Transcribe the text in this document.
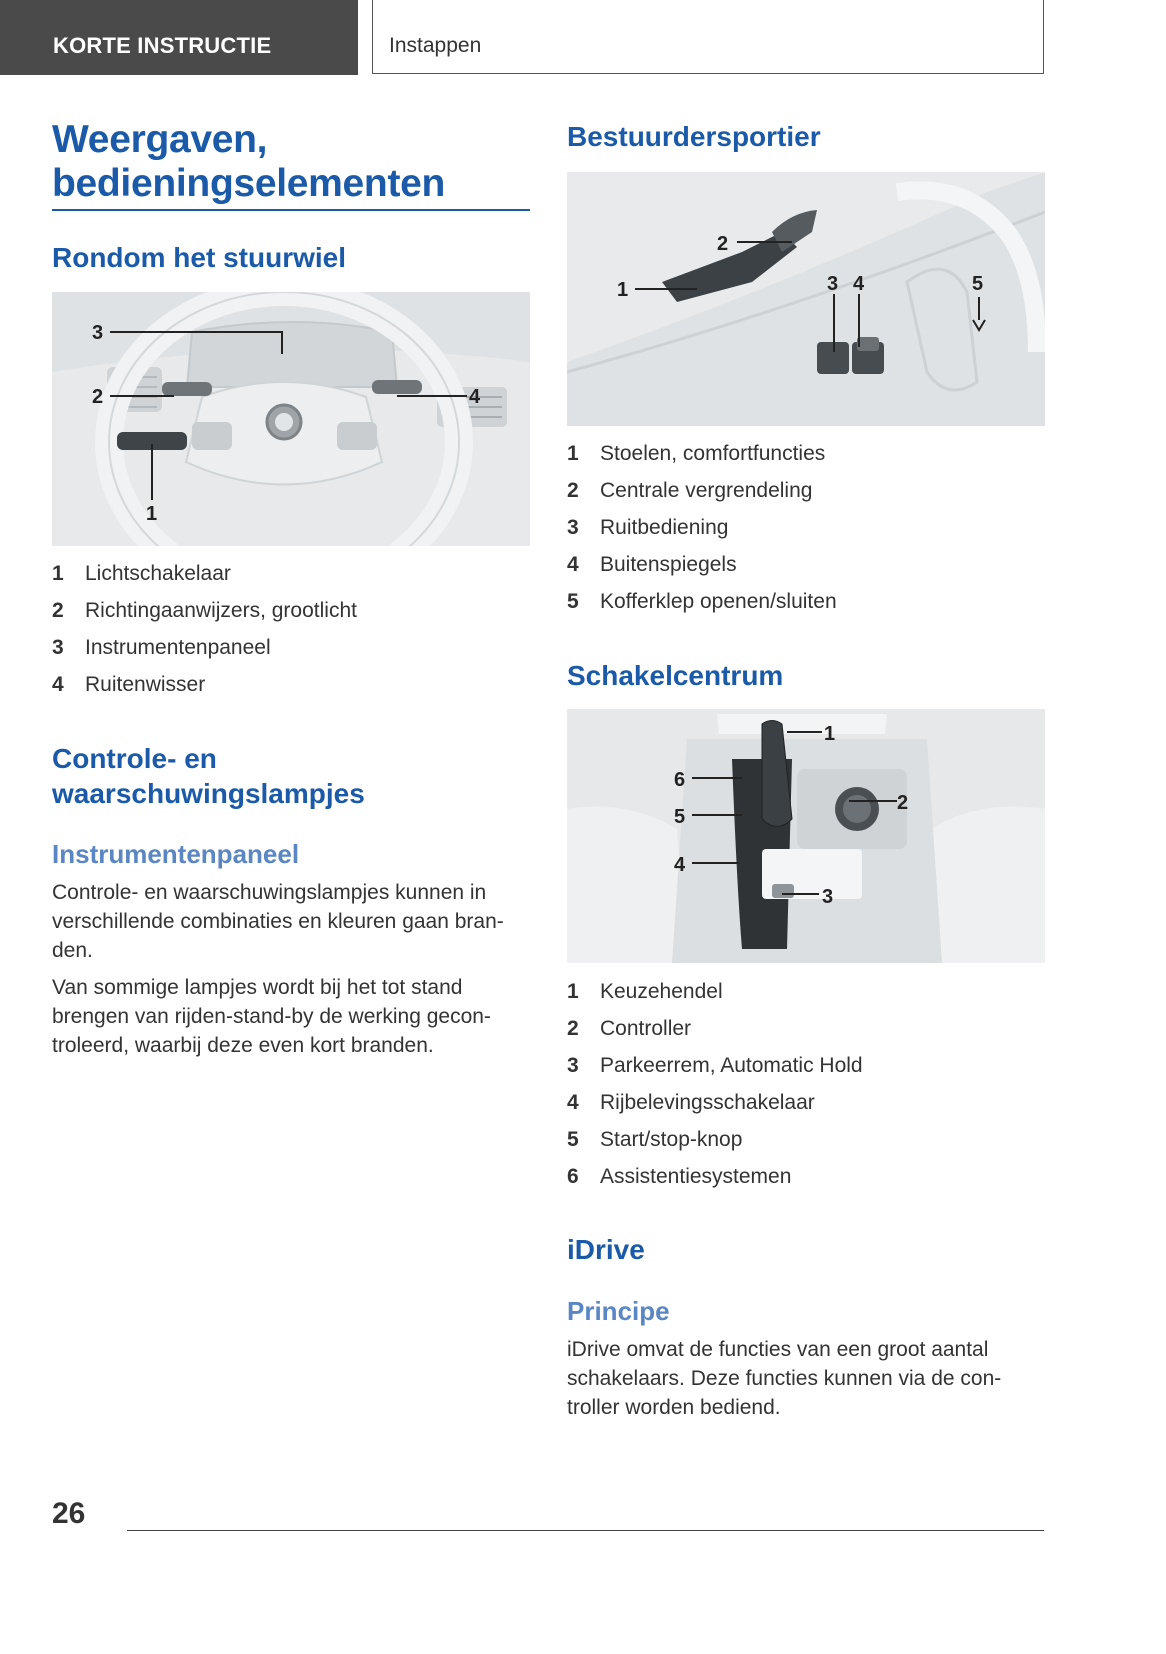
KORTE INSTRUCTIE	Instappen
Weergaven, bedieningselementen
Rondom het stuurwiel
3
2	4
1
1 Lichtschakelaar
2 Richtingaanwijzers, grootlicht
3 Instrumentenpaneel
4 Ruitenwisser
Controle- en
waarschuwingslampjes
Instrumentenpaneel

Controle- en waarschuwingslampjes kunnen in
verschillende combinaties en kleuren gaan bran-
den.

Van sommige lampjes wordt bij het tot stand
brengen van rijden-stand-by de werking gecon-
troleerd, waarbij deze even kort branden.

Bestuurdersportier
1
2
3 4	5
1 Stoelen, comfortfuncties
2 Centrale vergrendeling
3 Ruitbediening
4 Buitenspiegels
5 Kofferklep openen/sluiten
Schakelcentrum
1
2
3
4
5
6
1 Keuzehendel
2 Controller
3 Parkeerrem, Automatic Hold
4 Rijbelevingsschakelaar
5 Start/stop-knop
6 Assistentiesystemen
iDrive
Principe

iDrive omvat de functies van een groot aantal
schakelaars. Deze functies kunnen via de con-
troller worden bediend.

26
